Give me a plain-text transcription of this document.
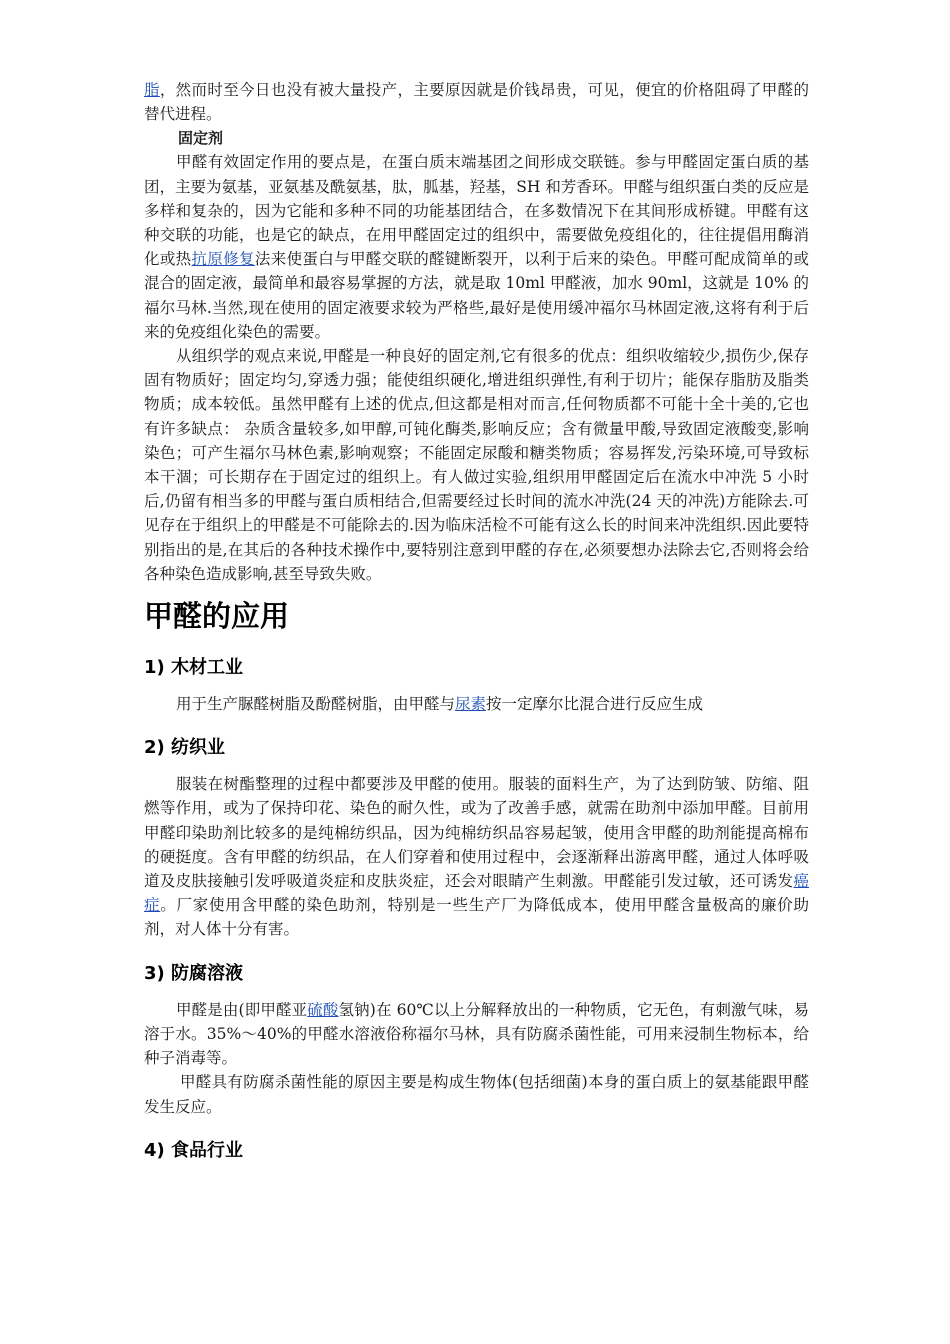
脂，然而时至今日也没有被大量投产，主要原因就是价钱昂贵，可见，便宜的价格阻碍了甲醛的替代进程。

固定剂

甲醛有效固定作用的要点是，在蛋白质末端基团之间形成交联链。参与甲醛固定蛋白质的基团，主要为氨基，亚氨基及酰氨基，肽，胍基，羟基，SH 和芳香环。甲醛与组织蛋白类的反应是多样和复杂的，因为它能和多种不同的功能基团结合，在多数情况下在其间形成桥键。甲醛有这种交联的功能，也是它的缺点，在用甲醛固定过的组织中，需要做免疫组化的，往往提倡用酶消化或热抗原修复法来使蛋白与甲醛交联的醛键断裂开，以利于后来的染色。甲醛可配成简单的或混合的固定液，最简单和最容易掌握的方法，就是取 10ml 甲醛液，加水 90ml，这就是 10% 的福尔马林.当然,现在使用的固定液要求较为严格些,最好是使用缓冲福尔马林固定液,这将有利于后来的免疫组化染色的需要。

从组织学的观点来说,甲醛是一种良好的固定剂,它有很多的优点：组织收缩较少,损伤少,保存固有物质好；固定均匀,穿透力强；能使组织硬化,增进组织弹性,有利于切片；能保存脂肪及脂类物质；成本较低。虽然甲醛有上述的优点,但这都是相对而言,任何物质都不可能十全十美的,它也有许多缺点： 杂质含量较多,如甲醇,可钝化酶类,影响反应；含有微量甲酸,导致固定液酸变,影响染色；可产生福尔马林色素,影响观察；不能固定尿酸和糖类物质；容易挥发,污染环境,可导致标本干涸；可长期存在于固定过的组织上。有人做过实验,组织用甲醛固定后在流水中冲洗 5 小时后,仍留有相当多的甲醛与蛋白质相结合,但需要经过长时间的流水冲洗(24 天的冲洗)方能除去.可见存在于组织上的甲醛是不可能除去的.因为临床活检不可能有这么长的时间来冲洗组织.因此要特别指出的是,在其后的各种技术操作中,要特别注意到甲醛的存在,必须要想办法除去它,否则将会给各种染色造成影响,甚至导致失败。

甲醛的应用
1) 木材工业

用于生产脲醛树脂及酚醛树脂，由甲醛与尿素按一定摩尔比混合进行反应生成

2) 纺织业

服装在树酯整理的过程中都要涉及甲醛的使用。服装的面料生产，为了达到防皱、防缩、阻燃等作用，或为了保持印花、染色的耐久性，或为了改善手感，就需在助剂中添加甲醛。目前用甲醛印染助剂比较多的是纯棉纺织品，因为纯棉纺织品容易起皱，使用含甲醛的助剂能提高棉布的硬挺度。含有甲醛的纺织品，在人们穿着和使用过程中，会逐渐释出游离甲醛，通过人体呼吸道及皮肤接触引发呼吸道炎症和皮肤炎症，还会对眼睛产生刺激。甲醛能引发过敏，还可诱发癌症。厂家使用含甲醛的染色助剂，特别是一些生产厂为降低成本，使用甲醛含量极高的廉价助剂，对人体十分有害。

3) 防腐溶液

甲醛是由(即甲醛亚硫酸氢钠)在 60℃以上分解释放出的一种物质，它无色，有刺激气味，易溶于水。35%～40%的甲醛水溶液俗称福尔马林，具有防腐杀菌性能，可用来浸制生物标本，给种子消毒等。

甲醛具有防腐杀菌性能的原因主要是构成生物体(包括细菌)本身的蛋白质上的氨基能跟甲醛发生反应。

4) 食品行业
